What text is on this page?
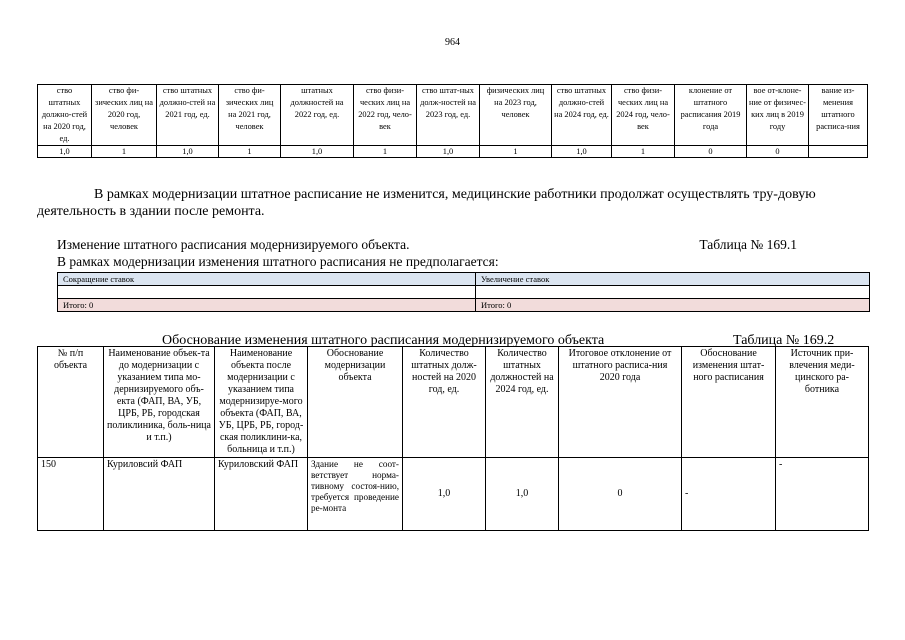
964
ство штатных должно-стей на 2020 год, ед.	ство фи-зических лиц на 2020 год, человек	ство штатных должно-стей на 2021 год, ед.	ство фи-зических лиц на 2021 год, человек	штатных должностей на 2022 год, ед.	ство физи-ческих лиц на 2022 год, чело-век	ство штат-ных долж-ностей на 2023 год, ед.	физических лиц на 2023 год, человек	ство штатных должно-стей на 2024 год, ед.	ство физи-ческих лиц на 2024 год, чело-век	клонение от штатного расписания 2019 года	вое от-клоне-ние от физичес-ких лиц в 2019 году	вание из-менения штатного расписа-ния
1,0	1	1,0	1	1,0	1	1,0	1	1,0	1	0	0	
В рамках модернизации штатное расписание не изменится, медицинские работники продолжат осуществлять тру-довую деятельность в здании после ремонта.
Изменение штатного расписания модернизируемого объекта.	Таблица № 169.1
В рамках модернизации изменения штатного расписания не предполагается:
Сокращение ставок	Увеличение ставок

Итого: 0	Итого: 0
Обоснование изменения штатного расписания модернизируемого объекта	Таблица № 169.2
№ п/п объекта	Наименование объек-та до модернизации с указанием типа мо-дернизируемого объ-екта (ФАП, ВА, УБ, ЦРБ, РБ, городская поликлиника, боль-ница и т.п.)	Наименование объекта после модернизации с указанием типа модернизируе-мого объекта (ФАП, ВА, УБ, ЦРБ, РБ, город-ская поликлини-ка, больница и т.п.)	Обоснование модернизации объекта	Количество штатных долж-ностей на 2020 год, ед.	Количество штатных должностей на 2024 год, ед.	Итоговое отклонение от штатного расписа-ния 2020 года	Обоснование изменения штат-ного расписания	Источник при-влечения меди-цинского ра-ботника
150	Куриловсий ФАП	Куриловский ФАП	Здание не соот-ветствует норма-тивному состоя-нию, требуется проведение ре-монта	1,0	1,0	0	-	-
